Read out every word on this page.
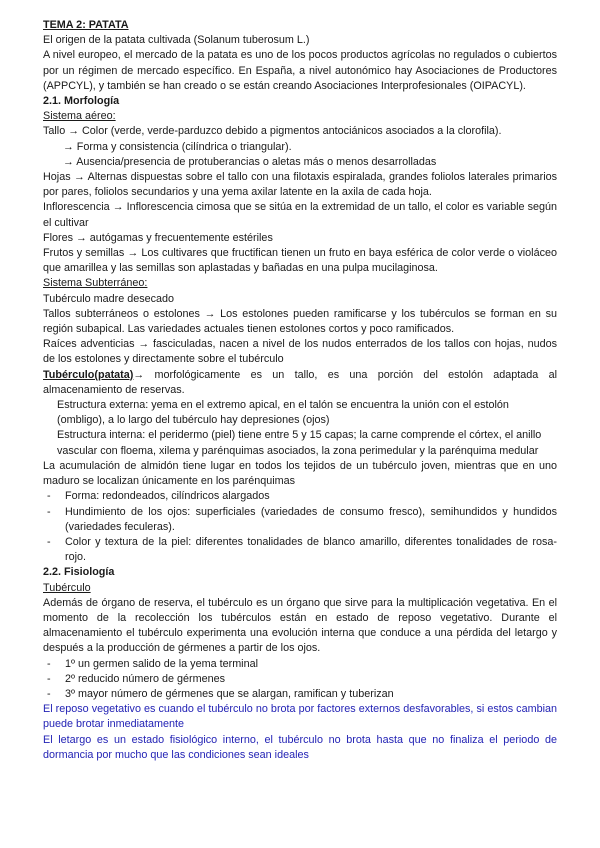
TEMA 2: PATATA

El origen de la patata cultivada (Solanum tuberosum L.)

A nivel europeo, el mercado de la patata es uno de los pocos productos agrícolas no regulados o cubiertos por un régimen de mercado específico. En España, a nivel autonómico hay Asociaciones de Productores (APPCYL), y también se han creado o se están creando Asociaciones Interprofesionales (OIPACYL).

2.1. Morfología

Sistema aéreo:

Tallo → Color (verde, verde-parduzco debido a pigmentos antociánicos asociados a la clorofila).

→ Forma y consistencia (cilíndrica o triangular).

→ Ausencia/presencia de protuberancias o aletas más o menos desarrolladas

Hojas → Alternas dispuestas sobre el tallo con una filotaxis espiralada, grandes foliolos laterales primarios por pares, foliolos secundarios y una yema axilar latente en la axila de cada hoja.

Inflorescencia → Inflorescencia cimosa que se sitúa en la extremidad de un tallo, el color es variable según el cultivar

Flores → autógamas y frecuentemente estériles

Frutos y semillas → Los cultivares que fructifican tienen un fruto en baya esférica de color verde o violáceo que amarillea y las semillas son aplastadas y bañadas en una pulpa mucilaginosa.

Sistema Subterráneo:

Tubérculo madre desecado

Tallos subterráneos o estolones → Los estolones pueden ramificarse y los tubérculos se forman en su región subapical. Las variedades actuales tienen estolones cortos y poco ramificados.

Raíces adventicias → fasciculadas, nacen a nivel de los nudos enterrados de los tallos con hojas, nudos de los estolones y directamente sobre el tubérculo

Tubérculo(patata)→ morfológicamente es un tallo, es una porción del estolón adaptada al almacenamiento de reservas.

Estructura externa: yema en el extremo apical, en el talón se encuentra la unión con el estolón (ombligo), a lo largo del tubérculo hay depresiones (ojos)

Estructura interna: el peridermo (piel) tiene entre 5 y 15 capas; la carne comprende el córtex, el anillo vascular con floema, xilema y parénquimas asociados, la zona perimedular y la parénquima medular

La acumulación de almidón tiene lugar en todos los tejidos de un tubérculo joven, mientras que en uno maduro se localizan únicamente en los parénquimas

- Forma: redondeados, cilíndricos alargados
- Hundimiento de los ojos: superficiales (variedades de consumo fresco), semihundidos y hundidos (variedades feculeras).
- Color y textura de la piel: diferentes tonalidades de blanco amarillo, diferentes tonalidades de rosa-rojo.

2.2. Fisiología

Tubérculo

Además de órgano de reserva, el tubérculo es un órgano que sirve para la multiplicación vegetativa. En el momento de la recolección los tubérculos están en estado de reposo vegetativo. Durante el almacenamiento el tubérculo experimenta una evolución interna que conduce a una pérdida del letargo y después a la producción de gérmenes a partir de los ojos.

- 1º un germen salido de la yema terminal
- 2º reducido número de gérmenes
- 3º mayor número de gérmenes que se alargan, ramifican y tuberizan

El reposo vegetativo es cuando el tubérculo no brota por factores externos desfavorables, si estos cambian puede brotar inmediatamente

El letargo es un estado fisiológico interno, el tubérculo no brota hasta que no finaliza el periodo de dormancia por mucho que las condiciones sean ideales
